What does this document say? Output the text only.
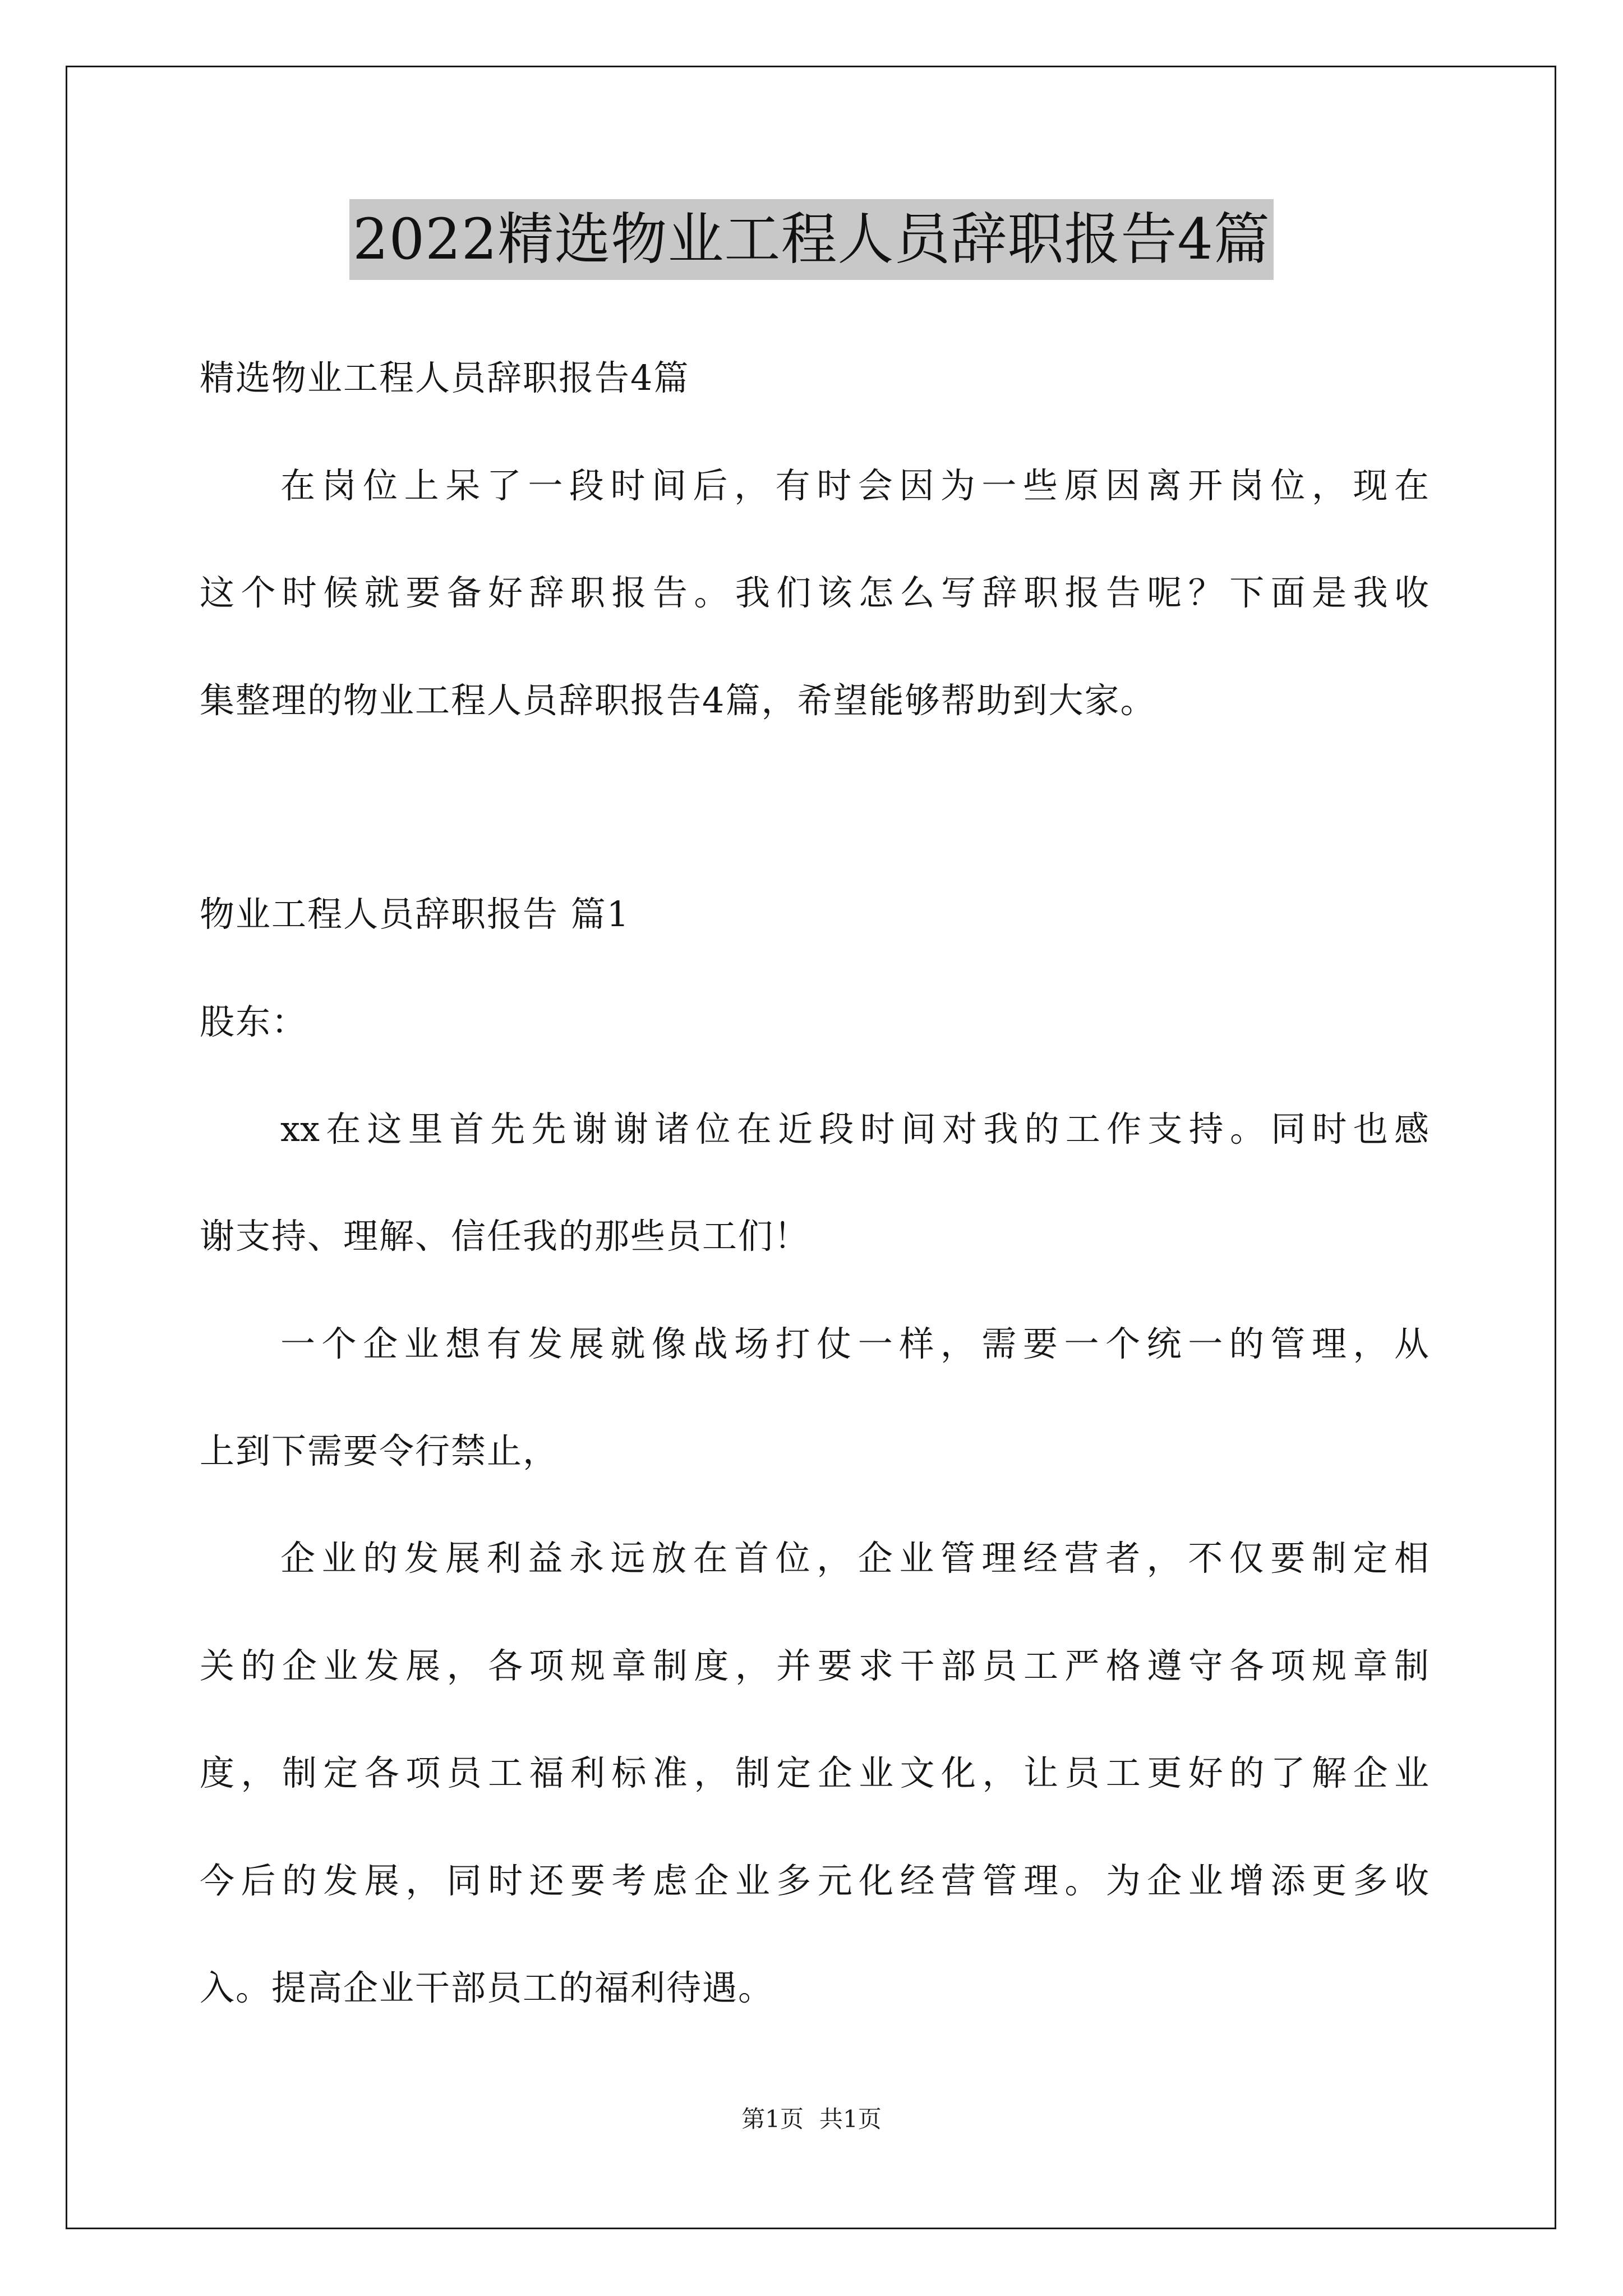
2022精选物业工程人员辞职报告4篇
精选物业工程人员辞职报告4篇
在岗位上呆了一段时间后，有时会因为一些原因离开岗位，现在
这个时候就要备好辞职报告。我们该怎么写辞职报告呢？下面是我收
集整理的物业工程人员辞职报告4篇，希望能够帮助到大家。
物业工程人员辞职报告 篇1
股东：
xx在这里首先先谢谢诸位在近段时间对我的工作支持。同时也感
谢支持、理解、信任我的那些员工们！
一个企业想有发展就像战场打仗一样，需要一个统一的管理，从
上到下需要令行禁止，
企业的发展利益永远放在首位，企业管理经营者，不仅要制定相
关的企业发展，各项规章制度，并要求干部员工严格遵守各项规章制
度，制定各项员工福利标准，制定企业文化，让员工更好的了解企业
今后的发展，同时还要考虑企业多元化经营管理。为企业增添更多收
入。提高企业干部员工的福利待遇。
第1页 共1页
